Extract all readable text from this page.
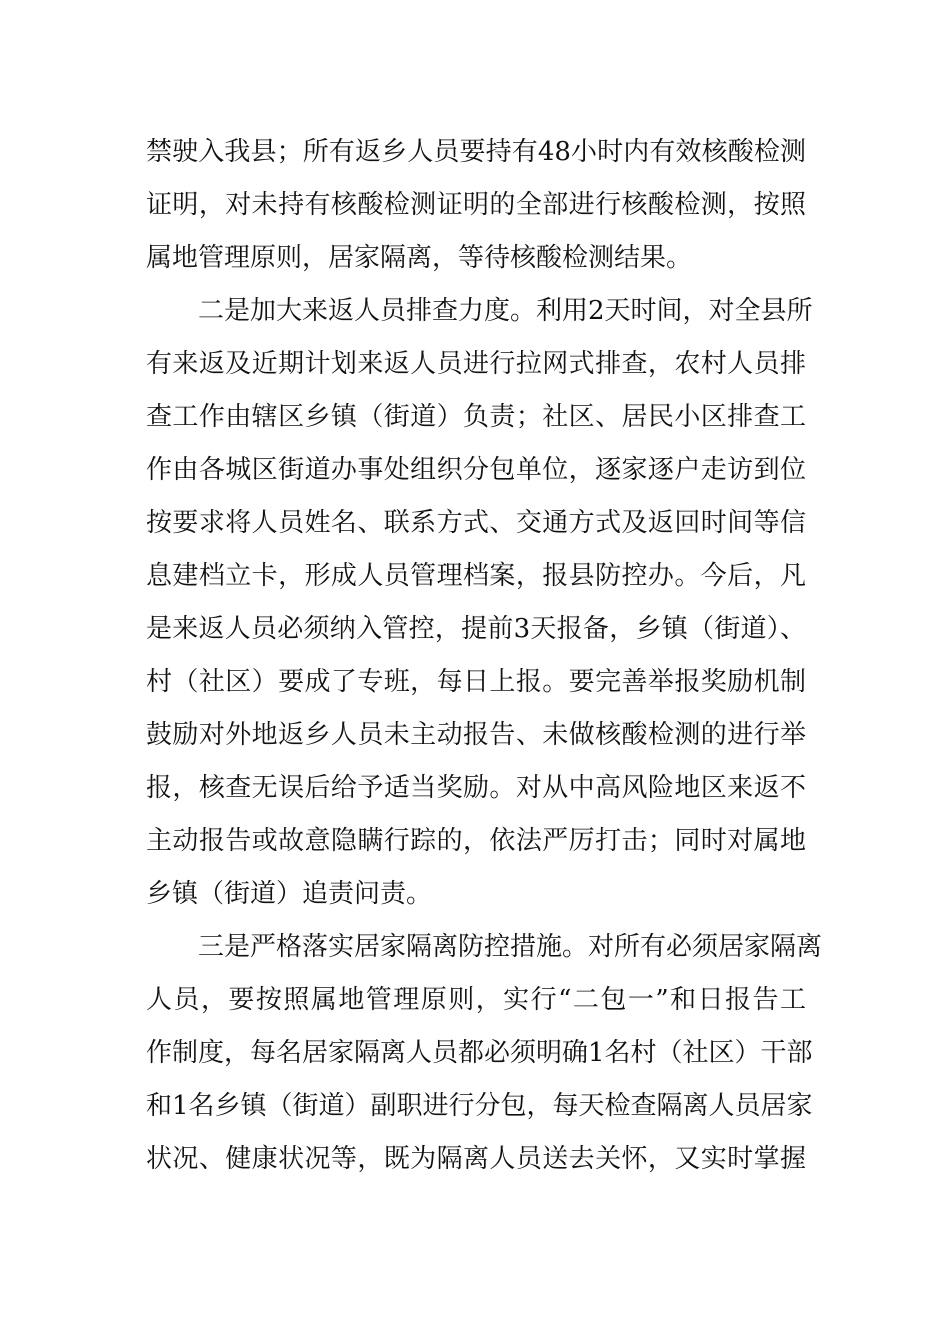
禁驶入我县；所有返乡人员要持有48小时内有效核酸检测
证明，对未持有核酸检测证明的全部进行核酸检测，按照
属地管理原则，居家隔离，等待核酸检测结果。
二是加大来返人员排查力度。利用2天时间，对全县所
有来返及近期计划来返人员进行拉网式排查，农村人员排
查工作由辖区乡镇（街道）负责；社区、居民小区排查工
作由各城区街道办事处组织分包单位，逐家逐户走访到位
按要求将人员姓名、联系方式、交通方式及返回时间等信
息建档立卡，形成人员管理档案，报县防控办。今后，凡
是来返人员必须纳入管控，提前3天报备，乡镇（街道）、
村（社区）要成了专班，每日上报。要完善举报奖励机制
鼓励对外地返乡人员未主动报告、未做核酸检测的进行举
报，核查无误后给予适当奖励。对从中高风险地区来返不
主动报告或故意隐瞒行踪的，依法严厉打击；同时对属地
乡镇（街道）追责问责。
三是严格落实居家隔离防控措施。对所有必须居家隔离
人员，要按照属地管理原则，实行“二包一”和日报告工
作制度，每名居家隔离人员都必须明确1名村（社区）干部
和1名乡镇（街道）副职进行分包，每天检查隔离人员居家
状况、健康状况等，既为隔离人员送去关怀，又实时掌握
